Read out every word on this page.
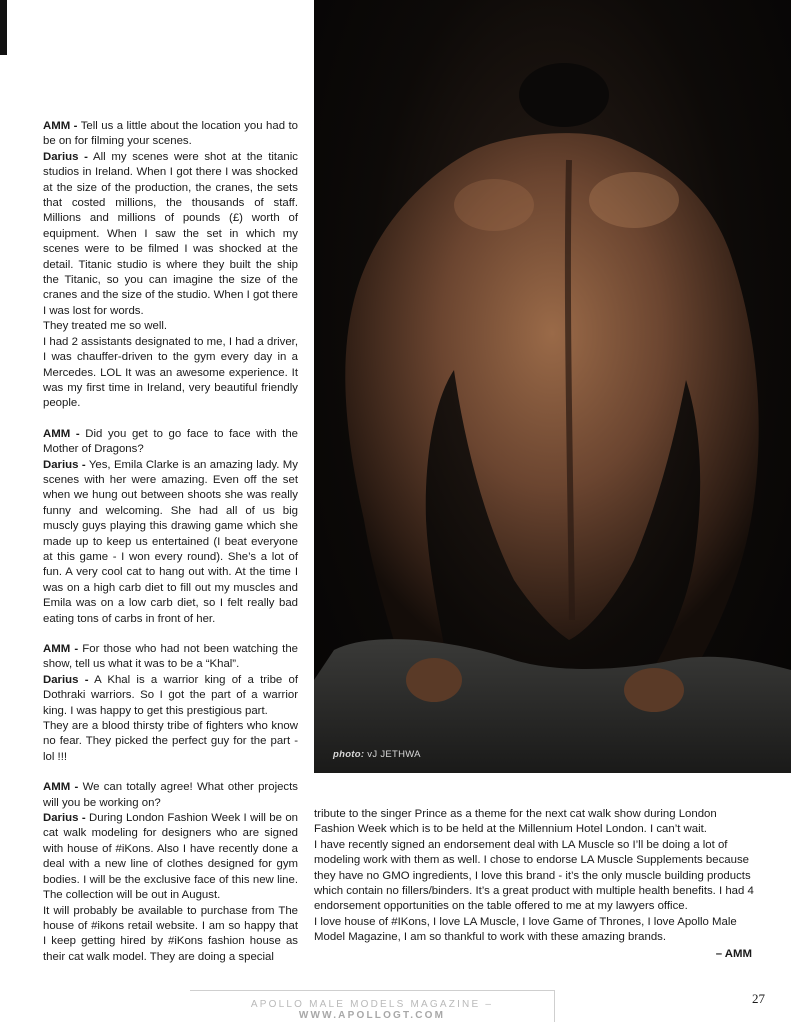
AMM - Tell us a little about the location you had to be on for filming your scenes.

Darius - All my scenes were shot at the titanic studios in Ireland. When I got there I was shocked at the size of the production, the cranes, the sets that costed millions, the thousands of staff. Millions and millions of pounds (£) worth of equipment. When I saw the set in which my scenes were to be filmed I was shocked at the detail. Titanic studio is where they built the ship the Titanic, so you can imagine the size of the cranes and the size of the studio. When I got there I was lost for words.

They treated me so well.

I had 2 assistants designated to me, I had a driver, I was chauffer-driven to the gym every day in a Mercedes. LOL It was an awesome experience. It was my first time in Ireland, very beautiful friendly people.

AMM - Did you get to go face to face with the Mother of Dragons?

Darius - Yes, Emila Clarke is an amazing lady. My scenes with her were amazing. Even off the set when we hung out between shoots she was really funny and welcoming. She had all of us big muscly guys playing this drawing game which she made up to keep us entertained (I beat everyone at this game - I won every round). She’s a lot of fun. A very cool cat to hang out with. At the time I was on a high carb diet to fill out my muscles and Emila was on a low carb diet, so I felt really bad eating tons of carbs in front of her.

AMM - For those who had not been watching the show, tell us what it was to be a “Khal”.

Darius - A Khal is a warrior king of a tribe of Dothraki warriors. So I got the part of a warrior king. I was happy to get this prestigious part.

They are a blood thirsty tribe of fighters who know no fear. They picked the perfect guy for the part - lol !!!

AMM - We can totally agree! What other projects will you be working on?

Darius - During London Fashion Week I will be on cat walk modeling for designers who are signed with house of #iKons. Also I have recently done a deal with a new line of clothes designed for gym bodies. I will be the exclusive face of this new line. The collection will be out in August.

It will probably be available to purchase from The house of #ikons retail website. I am so happy that I keep getting hired by #iKons fashion house as their cat walk model. They are doing a special

photo: vJ JETHWA

tribute to the singer Prince as a theme for the next cat walk show during London Fashion Week which is to be held at the Millennium Hotel London. I can’t wait.

I have recently signed an endorsement deal with LA Muscle so I’ll be doing a lot of modeling work with them as well. I chose to endorse LA Muscle Supplements because they have no GMO ingredients, I love this brand - it’s the only muscle building products which contain no fillers/binders. It’s a great product with multiple health benefits. I had 4 endorsement opportunities on the table offered to me at my lawyers office.

I love house of #IKons, I love LA Muscle, I love Game of Thrones, I love Apollo Male Model Magazine, I am so thankful to work with these amazing brands.

– AMM
APOLLO MALE MODELS MAGAZINE – WWW.APOLLOGT.COM
27
